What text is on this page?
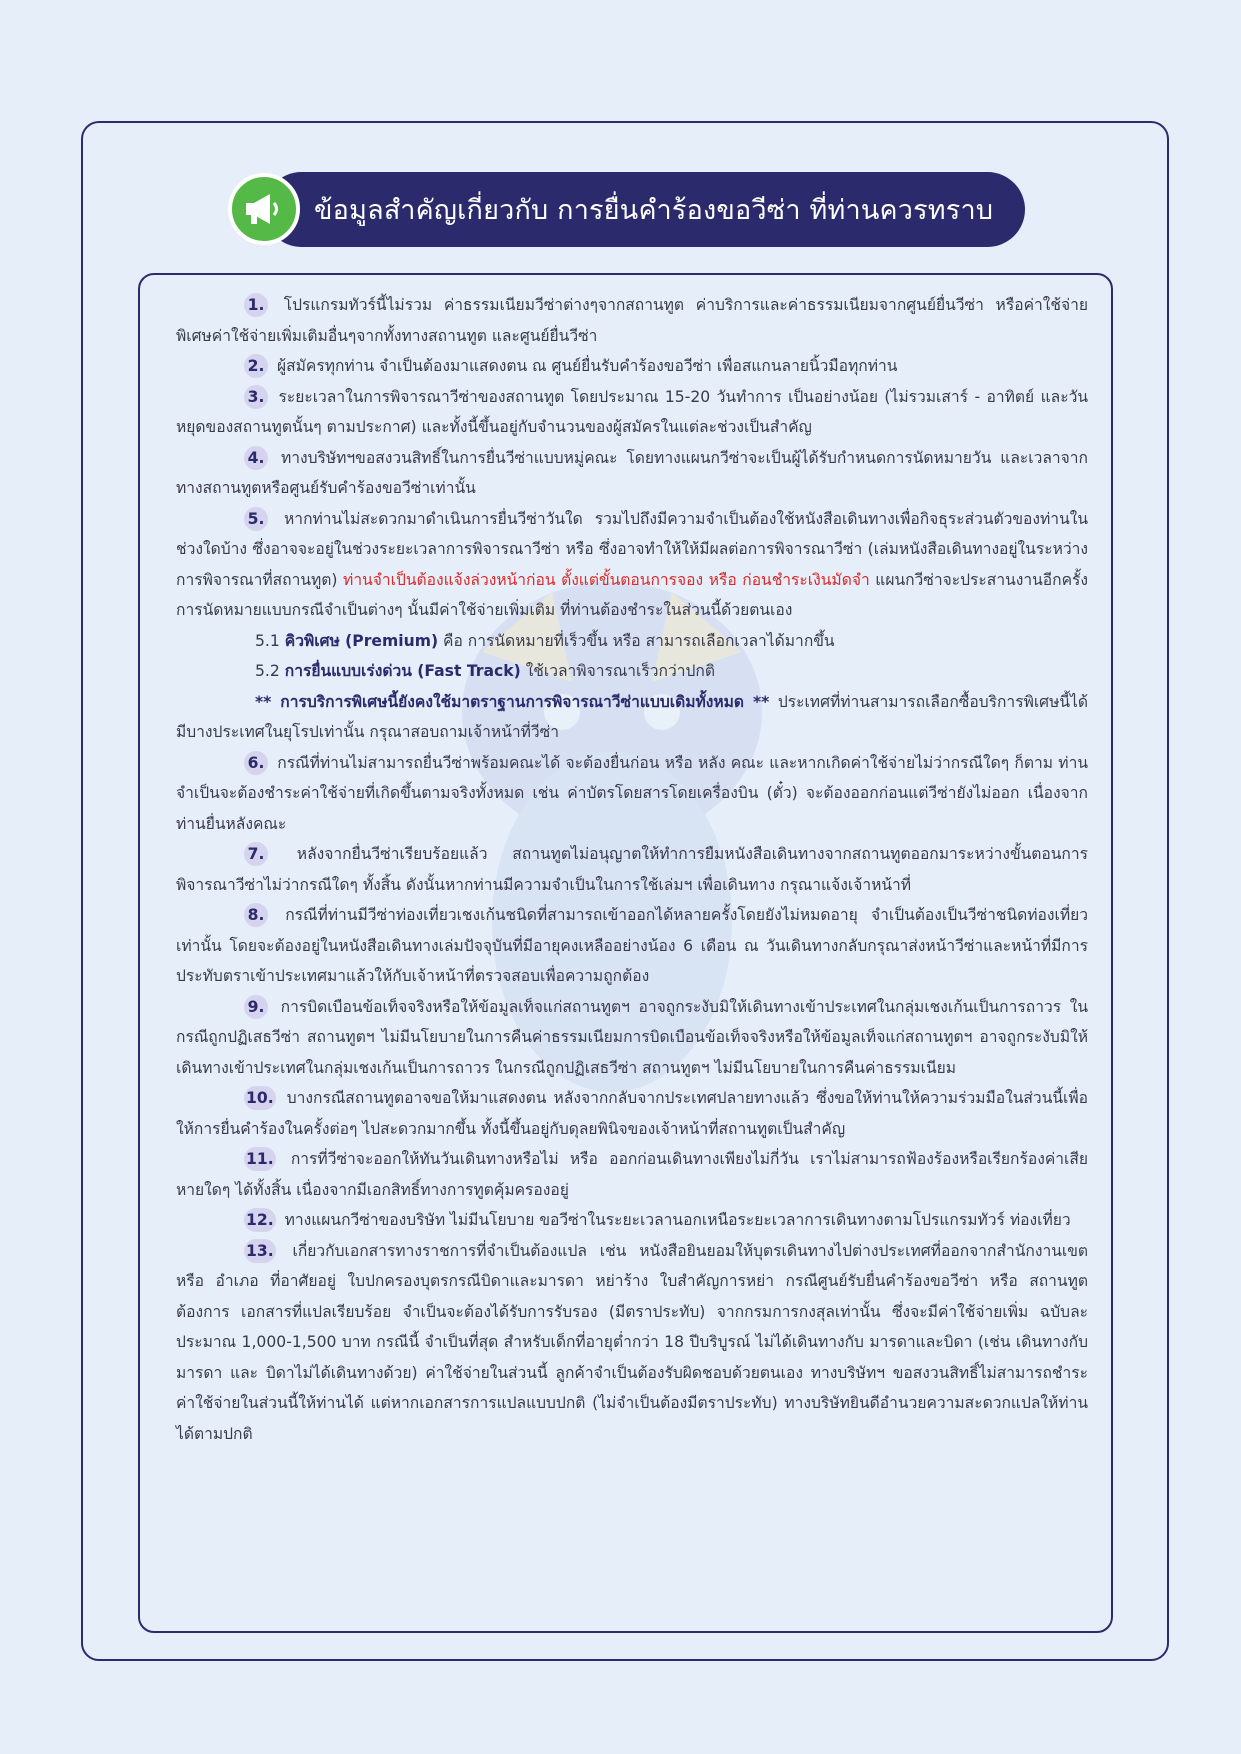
ข้อมูลสำคัญเกี่ยวกับ การยื่นคำร้องขอวีซ่า ที่ท่านควรทราบ

1. โปรแกรมทัวร์นี้ไม่รวม ค่าธรรมเนียมวีซ่าต่างๆจากสถานทูต ค่าบริการและค่าธรรมเนียมจากศูนย์ยื่นวีซ่า หรือค่าใช้จ่ายพิเศษค่าใช้จ่ายเพิ่มเติมอื่นๆจากทั้งทางสถานทูต และศูนย์ยื่นวีซ่า

2. ผู้สมัครทุกท่าน จำเป็นต้องมาแสดงตน ณ ศูนย์ยื่นรับคำร้องขอวีซ่า เพื่อสแกนลายนิ้วมือทุกท่าน

3. ระยะเวลาในการพิจารณาวีซ่าของสถานทูต โดยประมาณ 15-20 วันทำการ เป็นอย่างน้อย (ไม่รวมเสาร์ - อาทิตย์ และวันหยุดของสถานทูตนั้นๆ ตามประกาศ) และทั้งนี้ขึ้นอยู่กับจำนวนของผู้สมัครในแต่ละช่วงเป็นสำคัญ

4. ทางบริษัทฯขอสงวนสิทธิ์ในการยื่นวีซ่าแบบหมู่คณะ โดยทางแผนกวีซ่าจะเป็นผู้ได้รับกำหนดการนัดหมายวัน และเวลาจากทางสถานทูตหรือศูนย์รับคำร้องขอวีซ่าเท่านั้น

5. หากท่านไม่สะดวกมาดำเนินการยื่นวีซ่าวันใด รวมไปถึงมีความจำเป็นต้องใช้หนังสือเดินทางเพื่อกิจธุระส่วนตัวของท่านในช่วงใดบ้าง ซึ่งอาจจะอยู่ในช่วงระยะเวลาการพิจารณาวีซ่า หรือ ซึ่งอาจทำให้ให้มีผลต่อการพิจารณาวีซ่า (เล่มหนังสือเดินทางอยู่ในระหว่างการพิจารณาที่สถานทูต) ท่านจำเป็นต้องแจ้งล่วงหน้าก่อน ตั้งแต่ขั้นตอนการจอง หรือ ก่อนชำระเงินมัดจำ แผนกวีซ่าจะประสานงานอีกครั้ง การนัดหมายแบบกรณีจำเป็นต่างๆ นั้นมีค่าใช้จ่ายเพิ่มเติม ที่ท่านต้องชำระในส่วนนี้ด้วยตนเอง

5.1 คิวพิเศษ (Premium) คือ การนัดหมายที่เร็วขึ้น หรือ สามารถเลือกเวลาได้มากขึ้น

5.2 การยื่นแบบเร่งด่วน (Fast Track) ใช้เวลาพิจารณาเร็วกว่าปกติ

** การบริการพิเศษนี้ยังคงใช้มาตราฐานการพิจารณาวีซ่าแบบเดิมทั้งหมด ** ประเทศที่ท่านสามารถเลือกซื้อบริการพิเศษนี้ได้ มีบางประเทศในยุโรปเท่านั้น กรุณาสอบถามเจ้าหน้าที่วีซ่า

6. กรณีที่ท่านไม่สามารถยื่นวีซ่าพร้อมคณะได้ จะต้องยื่นก่อน หรือ หลัง คณะ และหากเกิดค่าใช้จ่ายไม่ว่ากรณีใดๆ ก็ตาม ท่านจำเป็นจะต้องชำระค่าใช้จ่ายที่เกิดขึ้นตามจริงทั้งหมด เช่น ค่าบัตรโดยสารโดยเครื่องบิน (ตั๋ว) จะต้องออกก่อนแต่วีซ่ายังไม่ออก เนื่องจากท่านยื่นหลังคณะ

7. หลังจากยื่นวีซ่าเรียบร้อยแล้ว สถานทูตไม่อนุญาตให้ทำการยืมหนังสือเดินทางจากสถานทูตออกมาระหว่างขั้นตอนการพิจารณาวีซ่าไม่ว่ากรณีใดๆ ทั้งสิ้น ดังนั้นหากท่านมีความจำเป็นในการใช้เล่มฯ เพื่อเดินทาง กรุณาแจ้งเจ้าหน้าที่

8. กรณีที่ท่านมีวีซ่าท่องเที่ยวเชงเก้นชนิดที่สามารถเข้าออกได้หลายครั้งโดยยังไม่หมดอายุ จำเป็นต้องเป็นวีซ่าชนิดท่องเที่ยวเท่านั้น โดยจะต้องอยู่ในหนังสือเดินทางเล่มปัจจุบันที่มีอายุคงเหลืออย่างน้อง 6 เดือน ณ วันเดินทางกลับกรุณาส่งหน้าวีซ่าและหน้าที่มีการประทับตราเข้าประเทศมาแล้วให้กับเจ้าหน้าที่ตรวจสอบเพื่อความถูกต้อง

9. การบิดเบือนข้อเท็จจริงหรือให้ข้อมูลเท็จแก่สถานทูตฯ อาจถูกระงับมิให้เดินทางเข้าประเทศในกลุ่มเชงเก้นเป็นการถาวร ในกรณีถูกปฏิเสธวีซ่า สถานทูตฯ ไม่มีนโยบายในการคืนค่าธรรมเนียมการบิดเบือนข้อเท็จจริงหรือให้ข้อมูลเท็จแก่สถานทูตฯ อาจถูกระงับมิให้เดินทางเข้าประเทศในกลุ่มเชงเก้นเป็นการถาวร ในกรณีถูกปฏิเสธวีซ่า สถานทูตฯ ไม่มีนโยบายในการคืนค่าธรรมเนียม

10. บางกรณีสถานทูตอาจขอให้มาแสดงตน หลังจากกลับจากประเทศปลายทางแล้ว ซึ่งขอให้ท่านให้ความร่วมมือในส่วนนี้เพื่อให้การยื่นคำร้องในครั้งต่อๆ ไปสะดวกมากขึ้น ทั้งนี้ขึ้นอยู่กับดุลยพินิจของเจ้าหน้าที่สถานทูตเป็นสำคัญ

11. การที่วีซ่าจะออกให้ทันวันเดินทางหรือไม่ หรือ ออกก่อนเดินทางเพียงไม่กี่วัน เราไม่สามารถฟ้องร้องหรือเรียกร้องค่าเสียหายใดๆ ได้ทั้งสิ้น เนื่องจากมีเอกสิทธิ์ทางการทูตคุ้มครองอยู่

12. ทางแผนกวีซ่าของบริษัท ไม่มีนโยบาย ขอวีซ่าในระยะเวลานอกเหนือระยะเวลาการเดินทางตามโปรแกรมทัวร์ ท่องเที่ยว

13. เกี่ยวกับเอกสารทางราชการที่จำเป็นต้องแปล เช่น หนังสือยินยอมให้บุตรเดินทางไปต่างประเทศที่ออกจากสำนักงานเขต หรือ อำเภอ ที่อาศัยอยู่ ใบปกครองบุตรกรณีบิดาและมารดา หย่าร้าง ใบสำคัญการหย่า กรณีศูนย์รับยื่นคำร้องขอวีซ่า หรือ สถานทูตต้องการ เอกสารที่แปลเรียบร้อย จำเป็นจะต้องได้รับการรับรอง (มีตราประทับ) จากกรมการกงสุลเท่านั้น ซึ่งจะมีค่าใช้จ่ายเพิ่ม ฉบับละ ประมาณ 1,000-1,500 บาท กรณีนี้ จำเป็นที่สุด สำหรับเด็กที่อายุต่ำกว่า 18 ปีบริบูรณ์ ไม่ได้เดินทางกับ มารดาและบิดา (เช่น เดินทางกับมารดา และ บิดาไม่ได้เดินทางด้วย) ค่าใช้จ่ายในส่วนนี้ ลูกค้าจำเป็นต้องรับผิดชอบด้วยตนเอง ทางบริษัทฯ ขอสงวนสิทธิ์ไม่สามารถชำระค่าใช้จ่ายในส่วนนี้ให้ท่านได้ แต่หากเอกสารการแปลแบบปกติ (ไม่จำเป็นต้องมีตราประทับ) ทางบริษัทยินดีอำนวยความสะดวกแปลให้ท่านได้ตามปกติ
